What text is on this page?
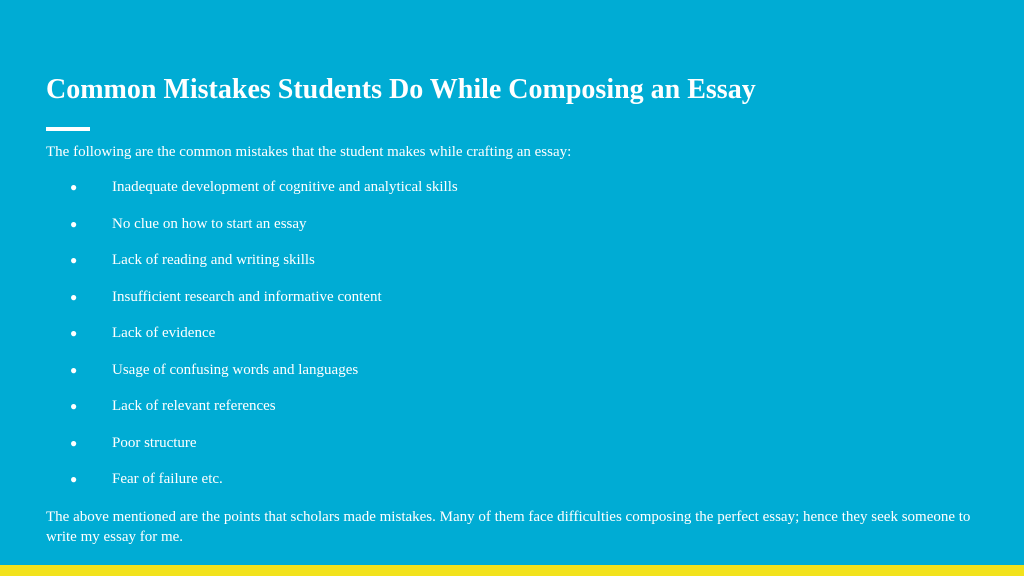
Common Mistakes Students Do While Composing an Essay

The following are the common mistakes that the student makes while crafting an essay:

●	Inadequate development of cognitive and analytical skills
●	No clue on how to start an essay
●	Lack of reading and writing skills
●	Insufficient research and informative content
●	Lack of evidence
●	Usage of confusing words and languages
●	Lack of relevant references
●	Poor structure
●	Fear of failure etc.

The above mentioned are the points that scholars made mistakes. Many of them face difficulties composing the perfect essay; hence they seek someone to write my essay for me.
